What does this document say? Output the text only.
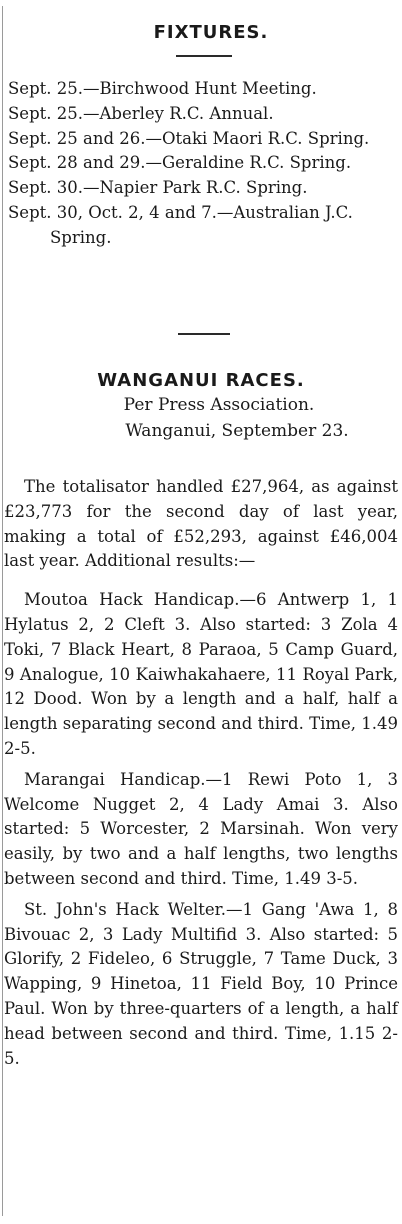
FIXTURES.
Sept. 25.—Birchwood Hunt Meeting.
Sept. 25.—Aberley R.C. Annual.
Sept. 25 and 26.—Otaki Maori R.C. Spring.
Sept. 28 and 29.—Geraldine R.C. Spring.
Sept. 30.—Napier Park R.C. Spring.
Sept. 30, Oct. 2, 4 and 7.—Australian J.C. Spring.
WANGANUI RACES.

Per Press Association.

Wanganui, September 23.

The totalisator handled £27,964, as against £23,773 for the second day of last year, making a total of £52,293, against £46,004 last year. Additional results:—

Moutoa Hack Handicap.—6 Antwerp 1, 1 Hylatus 2, 2 Cleft 3. Also started: 3 Zola 4 Toki, 7 Black Heart, 8 Paraoa, 5 Camp Guard, 9 Analogue, 10 Kaiwhakahaere, 11 Royal Park, 12 Dood. Won by a length and a half, half a length separating second and third. Time, 1.49 2-5.

Marangai Handicap.—1 Rewi Poto 1, 3 Welcome Nugget 2, 4 Lady Amai 3. Also started: 5 Worcester, 2 Marsinah. Won very easily, by two and a half lengths, two lengths between second and third. Time, 1.49 3-5.

St. John's Hack Welter.—1 Gang 'Awa 1, 8 Bivouac 2, 3 Lady Multifid 3. Also started: 5 Glorify, 2 Fideleo, 6 Struggle, 7 Tame Duck, 3 Wapping, 9 Hinetoa, 11 Field Boy, 10 Prince Paul. Won by three-quarters of a length, a half head between second and third. Time, 1.15 2-5.
